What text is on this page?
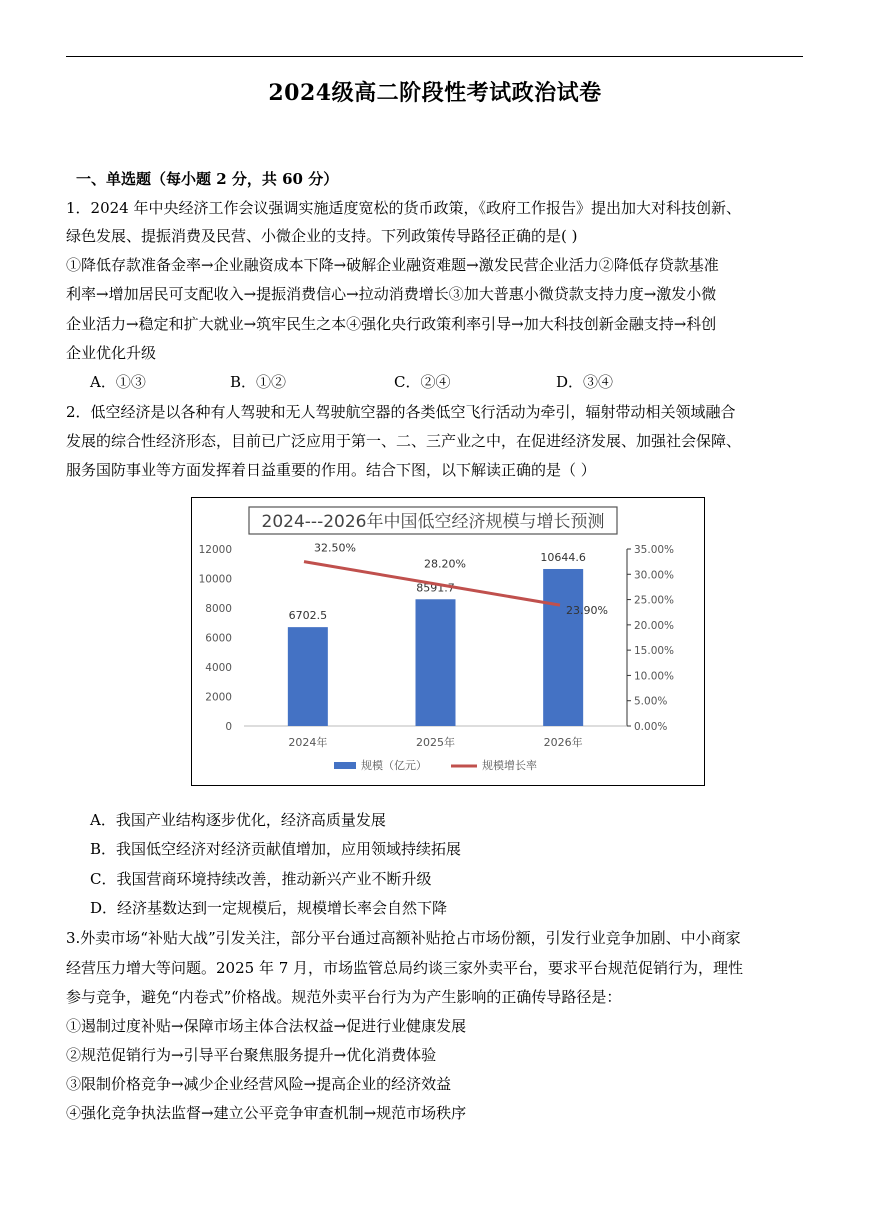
2024级高二阶段性考试政治试卷
一、单选题（每小题 2 分，共 60 分）
1．2024 年中央经济工作会议强调实施适度宽松的货币政策，《政府工作报告》提出加大对科技创新、
绿色发展、提振消费及民营、小微企业的支持。下列政策传导路径正确的是( )
①降低存款准备金率→企业融资成本下降→破解企业融资难题→激发民营企业活力②降低存贷款基准
利率→增加居民可支配收入→提振消费信心→拉动消费增长③加大普惠小微贷款支持力度→激发小微
企业活力→稳定和扩大就业→筑牢民生之本④强化央行政策利率引导→加大科技创新金融支持→科创
企业优化升级
A．①③	B．①②	C．②④	D．③④
2．低空经济是以各种有人驾驶和无人驾驶航空器的各类低空飞行活动为牵引，辐射带动相关领域融合
发展的综合性经济形态，目前已广泛应用于第一、二、三产业之中，在促进经济发展、加强社会保障、
服务国防事业等方面发挥着日益重要的作用。结合下图，以下解读正确的是（ ）
2024---2026年中国低空经济规模与增长预测
0
2000
4000
6000
8000
10000
12000
0.00%
5.00%
10.00%
15.00%
20.00%
25.00%
30.00%
35.00%
6702.5
8591.7
10644.6
2024年	2025年	2026年
32.50%
28.20%
23.90%
规模（亿元）	规模增长率
A．我国产业结构逐步优化，经济高质量发展
B．我国低空经济对经济贡献值增加，应用领域持续拓展
C．我国营商环境持续改善，推动新兴产业不断升级
D．经济基数达到一定规模后，规模增长率会自然下降
3.外卖市场“补贴大战”引发关注，部分平台通过高额补贴抢占市场份额，引发行业竞争加剧、中小商家
经营压力增大等问题。2025 年 7 月，市场监管总局约谈三家外卖平台，要求平台规范促销行为，理性
参与竞争，避免“内卷式”价格战。规范外卖平台行为为产生影响的正确传导路径是：
①遏制过度补贴→保障市场主体合法权益→促进行业健康发展
②规范促销行为→引导平台聚焦服务提升→优化消费体验
③限制价格竞争→减少企业经营风险→提高企业的经济效益
④强化竞争执法监督→建立公平竞争审查机制→规范市场秩序
